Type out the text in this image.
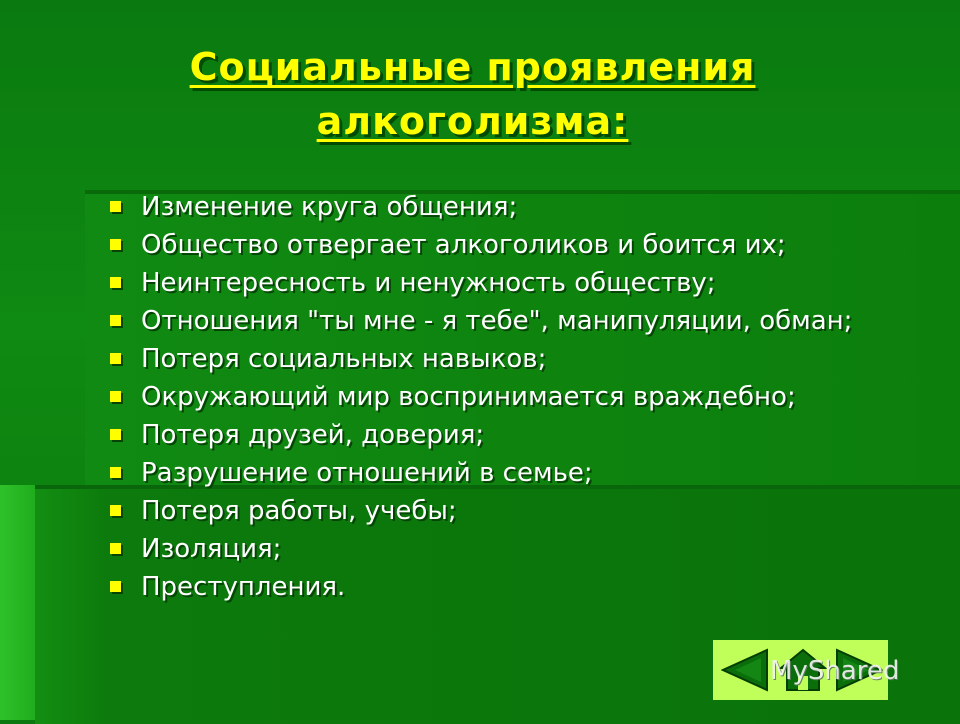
Социальные проявления
алкоголизма:
Изменение круга общения;
Общество отвергает алкоголиков и боится их;
Неинтересность и ненужность обществу;
Отношения "ты мне - я тебе", манипуляции, обман;
Потеря социальных навыков;
Окружающий мир воспринимается враждебно;
Потеря друзей, доверия;
Разрушение отношений в семье;
Потеря работы, учебы;
Изоляция;
Преступления.
MyShared
